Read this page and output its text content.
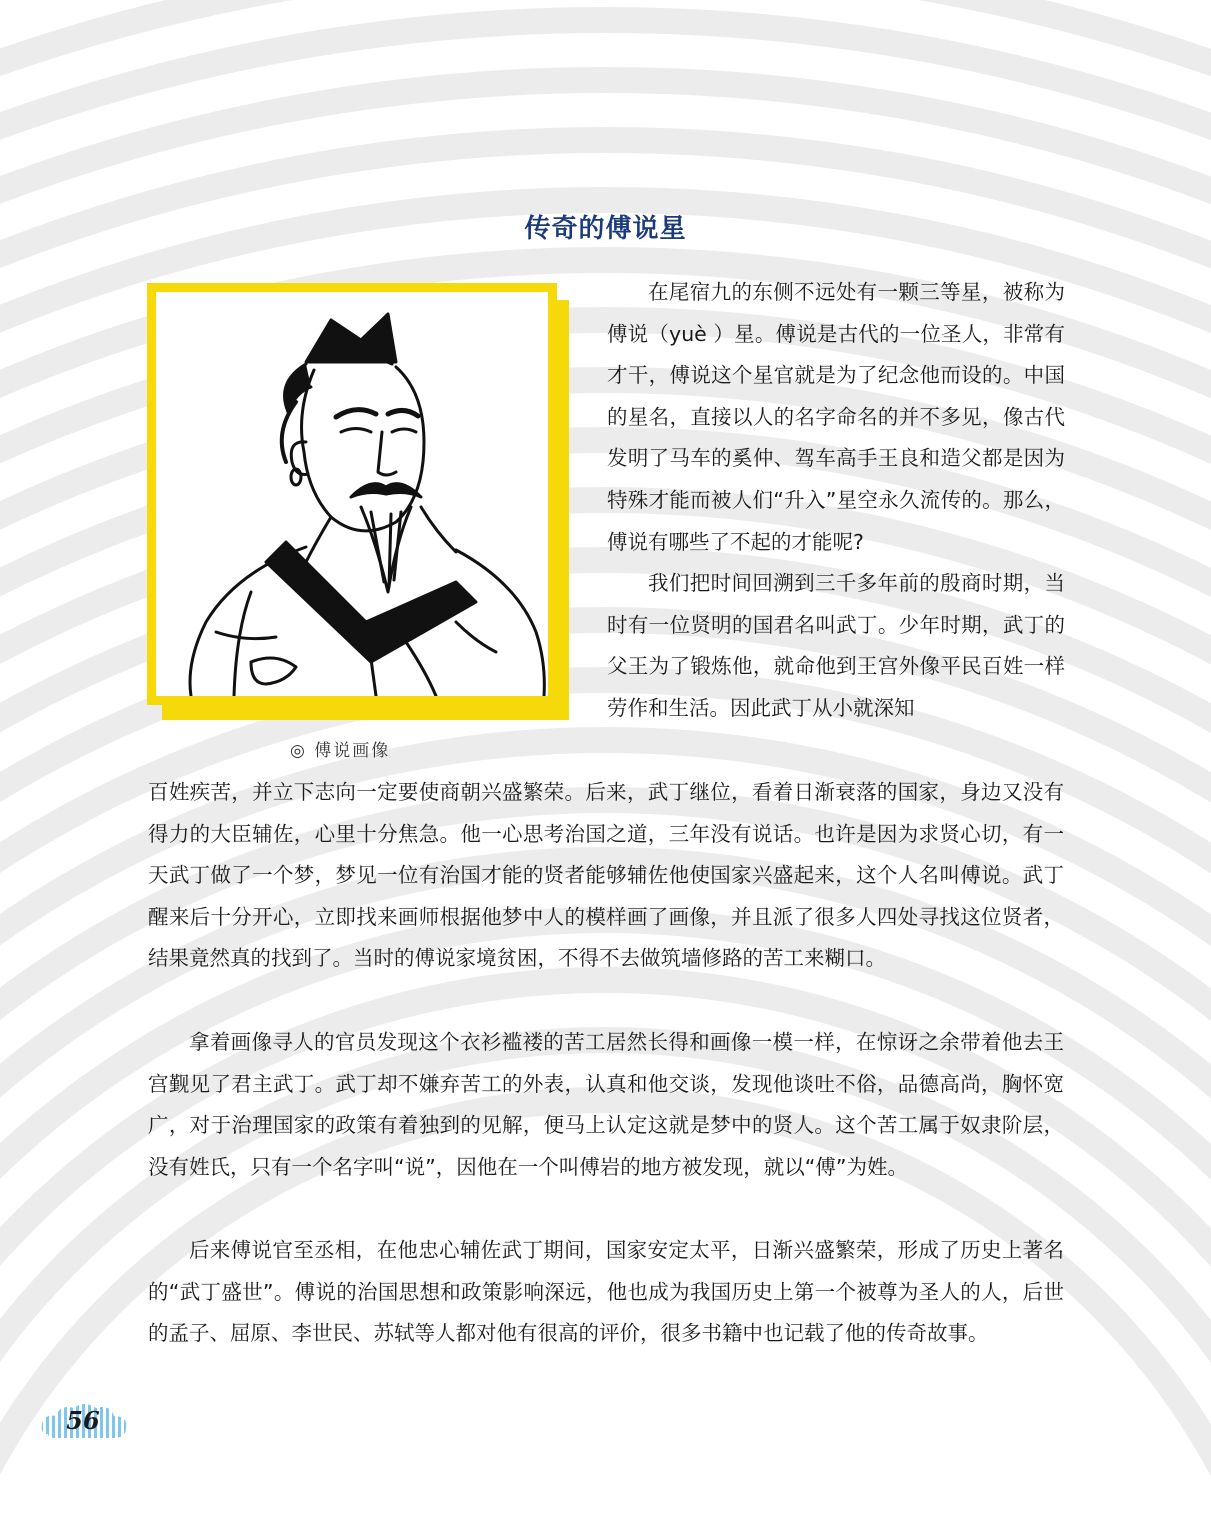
传奇的傅说星
◎ 傅说画像

在尾宿九的东侧不远处有一颗三等星，被称为傅说（yuè ）星。傅说是古代的一位圣人，非常有才干，傅说这个星官就是为了纪念他而设的。中国的星名，直接以人的名字命名的并不多见，像古代发明了马车的奚仲、驾车高手王良和造父都是因为特殊才能而被人们“升入”星空永久流传的。那么，傅说有哪些了不起的才能呢?

我们把时间回溯到三千多年前的殷商时期，当时有一位贤明的国君名叫武丁。少年时期，武丁的父王为了锻炼他，就命他到王宫外像平民百姓一样劳作和生活。因此武丁从小就深知

百姓疾苦，并立下志向一定要使商朝兴盛繁荣。后来，武丁继位，看着日渐衰落的国家，身边又没有得力的大臣辅佐，心里十分焦急。他一心思考治国之道，三年没有说话。也许是因为求贤心切，有一天武丁做了一个梦，梦见一位有治国才能的贤者能够辅佐他使国家兴盛起来，这个人名叫傅说。武丁醒来后十分开心，立即找来画师根据他梦中人的模样画了画像，并且派了很多人四处寻找这位贤者，结果竟然真的找到了。当时的傅说家境贫困，不得不去做筑墙修路的苦工来糊口。

拿着画像寻人的官员发现这个衣衫褴褛的苦工居然长得和画像一模一样，在惊讶之余带着他去王宫觐见了君主武丁。武丁却不嫌弃苦工的外表，认真和他交谈，发现他谈吐不俗，品德高尚，胸怀宽广，对于治理国家的政策有着独到的见解，便马上认定这就是梦中的贤人。这个苦工属于奴隶阶层，没有姓氏，只有一个名字叫“说”，因他在一个叫傅岩的地方被发现，就以“傅”为姓。

后来傅说官至丞相，在他忠心辅佐武丁期间，国家安定太平，日渐兴盛繁荣，形成了历史上著名的“武丁盛世”。傅说的治国思想和政策影响深远，他也成为我国历史上第一个被尊为圣人的人，后世的孟子、屈原、李世民、苏轼等人都对他有很高的评价，很多书籍中也记载了他的传奇故事。

56
